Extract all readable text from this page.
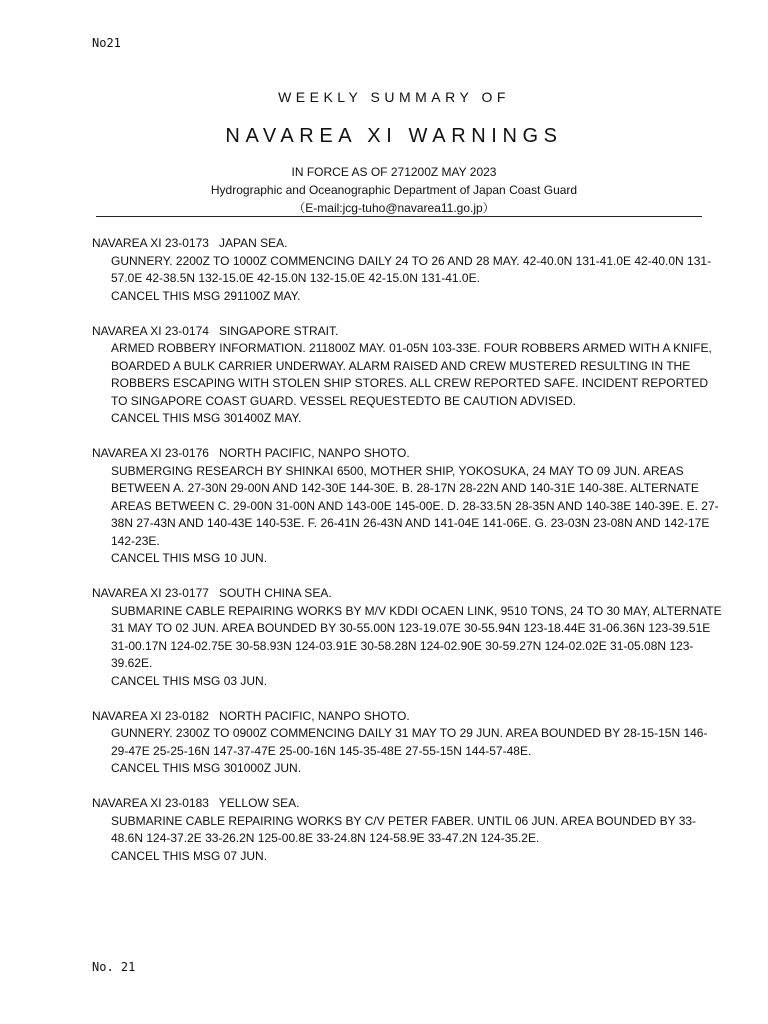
No21
WEEKLY SUMMARY OF
NAVAREA XI WARNINGS
IN FORCE AS OF 271200Z MAY 2023
Hydrographic and Oceanographic Department of Japan Coast Guard
（E-mail:jcg-tuho@navarea11.go.jp）
NAVAREA XI 23-0173 JAPAN SEA.
GUNNERY. 2200Z TO 1000Z COMMENCING DAILY 24 TO 26 AND 28 MAY. 42-40.0N 131-41.0E 42-40.0N 131-57.0E 42-38.5N 132-15.0E 42-15.0N 132-15.0E 42-15.0N 131-41.0E.
CANCEL THIS MSG 291100Z MAY.
NAVAREA XI 23-0174 SINGAPORE STRAIT.
ARMED ROBBERY INFORMATION. 211800Z MAY. 01-05N 103-33E. FOUR ROBBERS ARMED WITH A KNIFE, BOARDED A BULK CARRIER UNDERWAY. ALARM RAISED AND CREW MUSTERED RESULTING IN THE ROBBERS ESCAPING WITH STOLEN SHIP STORES. ALL CREW REPORTED SAFE. INCIDENT REPORTED TO SINGAPORE COAST GUARD. VESSEL REQUESTEDTO BE CAUTION ADVISED.
CANCEL THIS MSG 301400Z MAY.
NAVAREA XI 23-0176 NORTH PACIFIC, NANPO SHOTO.
SUBMERGING RESEARCH BY SHINKAI 6500, MOTHER SHIP, YOKOSUKA, 24 MAY TO 09 JUN. AREAS BETWEEN A. 27-30N 29-00N AND 142-30E 144-30E. B. 28-17N 28-22N AND 140-31E 140-38E. ALTERNATE AREAS BETWEEN C. 29-00N 31-00N AND 143-00E 145-00E. D. 28-33.5N 28-35N AND 140-38E 140-39E. E. 27-38N 27-43N AND 140-43E 140-53E. F. 26-41N 26-43N AND 141-04E 141-06E. G. 23-03N 23-08N AND 142-17E 142-23E.
CANCEL THIS MSG 10 JUN.
NAVAREA XI 23-0177 SOUTH CHINA SEA.
SUBMARINE CABLE REPAIRING WORKS BY M/V KDDI OCAEN LINK, 9510 TONS, 24 TO 30 MAY, ALTERNATE 31 MAY TO 02 JUN. AREA BOUNDED BY 30-55.00N 123-19.07E 30-55.94N 123-18.44E 31-06.36N 123-39.51E 31-00.17N 124-02.75E 30-58.93N 124-03.91E 30-58.28N 124-02.90E 30-59.27N 124-02.02E 31-05.08N 123-39.62E.
CANCEL THIS MSG 03 JUN.
NAVAREA XI 23-0182 NORTH PACIFIC, NANPO SHOTO.
GUNNERY. 2300Z TO 0900Z COMMENCING DAILY 31 MAY TO 29 JUN. AREA BOUNDED BY 28-15-15N 146-29-47E 25-25-16N 147-37-47E 25-00-16N 145-35-48E 27-55-15N 144-57-48E.
CANCEL THIS MSG 301000Z JUN.
NAVAREA XI 23-0183 YELLOW SEA.
SUBMARINE CABLE REPAIRING WORKS BY C/V PETER FABER. UNTIL 06 JUN. AREA BOUNDED BY 33-48.6N 124-37.2E 33-26.2N 125-00.8E 33-24.8N 124-58.9E 33-47.2N 124-35.2E.
CANCEL THIS MSG 07 JUN.
No. 21
